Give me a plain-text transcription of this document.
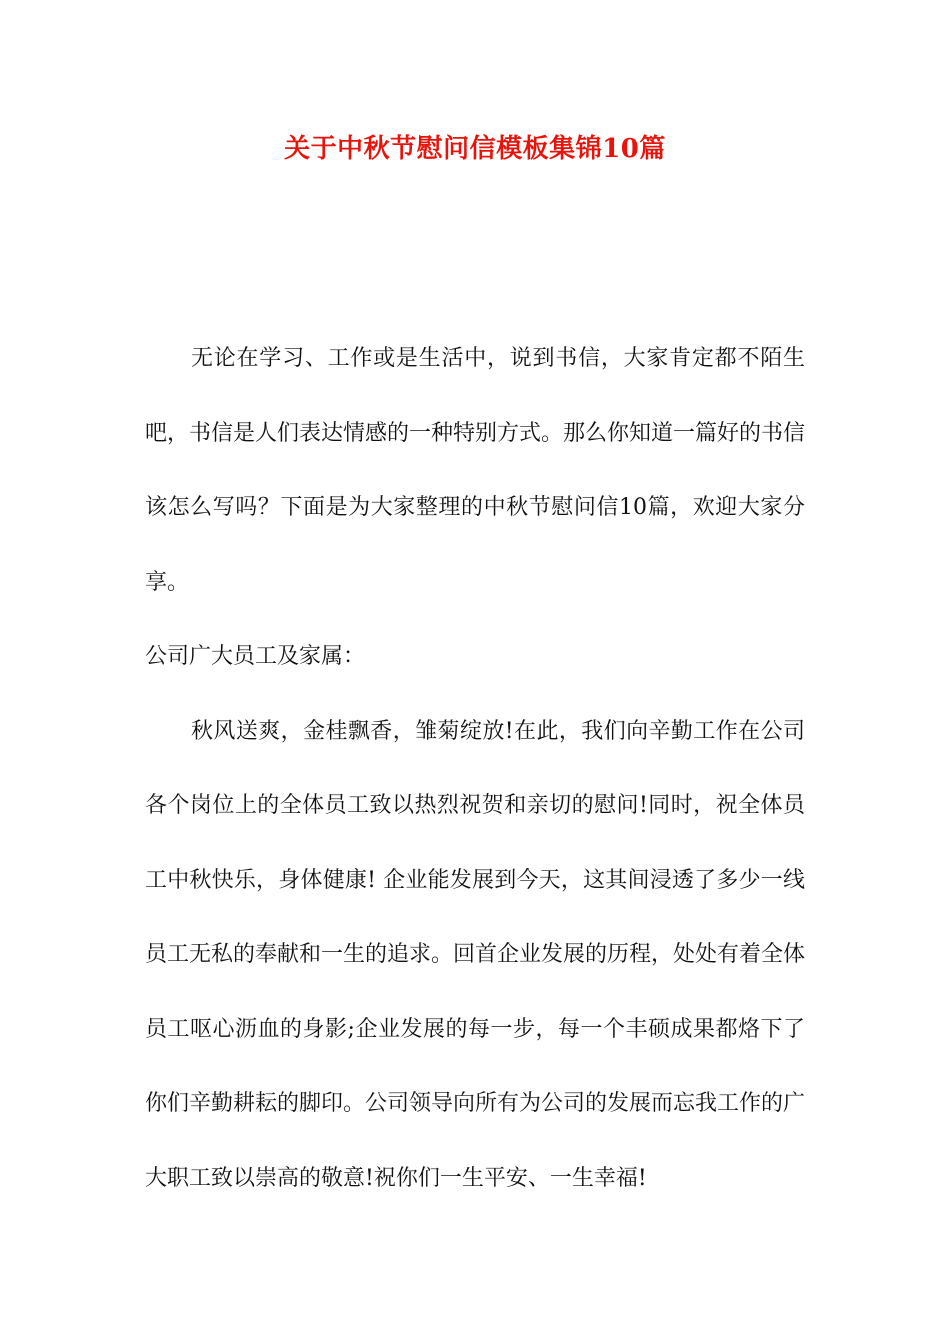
关于中秋节慰问信模板集锦10篇

无论在学习、工作或是生活中，说到书信，大家肯定都不陌生吧，书信是人们表达情感的一种特别方式。那么你知道一篇好的书信该怎么写吗？下面是为大家整理的中秋节慰问信10篇，欢迎大家分享。

公司广大员工及家属：

秋风送爽，金桂飘香，雏菊绽放!在此，我们向辛勤工作在公司各个岗位上的全体员工致以热烈祝贺和亲切的慰问!同时，祝全体员工中秋快乐，身体健康! 企业能发展到今天，这其间浸透了多少一线员工无私的奉献和一生的追求。回首企业发展的历程，处处有着全体员工呕心沥血的身影;企业发展的每一步，每一个丰硕成果都烙下了你们辛勤耕耘的脚印。公司领导向所有为公司的发展而忘我工作的广大职工致以崇高的敬意!祝你们一生平安、一生幸福!
